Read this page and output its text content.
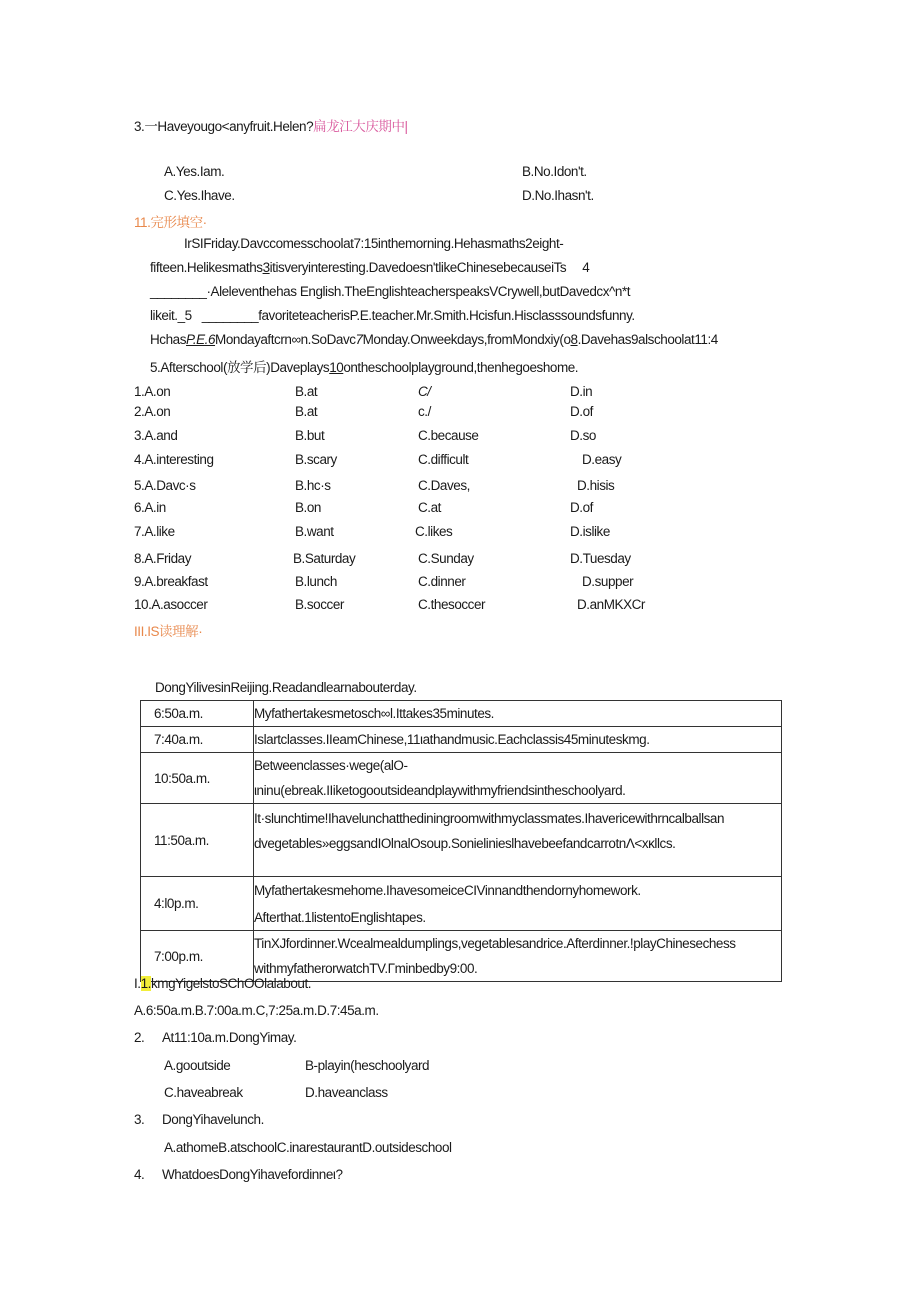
3.一Haveyougo<anyfruit.Helen?扁龙江大庆期中|
A.Yes.Iam.	B.No.Idon't.
C.Yes.Ihave.	D.No.Ihasn't.
11.完形填空·
IrSIFriday.Davccomesschoolat7:15inthemorning.Hehasmaths2eight-
fifteen.Helikesmaths3itisveryinteresting.Davedoesn'tlikeChinesebecauseiTs 4
________·Aleleventhehas English.TheEnglishteacherspeaksVCrywell,butDavedcx^n*t
likeit._5 ________favoriteteacherisP.E.teacher.Mr.Smith.Hcisfun.Hisclasssoundsfunny.
HchasP.E.6Mondayaftcrn∞n.SoDavc7Monday.Onweekdays,fromMondxiy(o8.Davehas9alschoolat11:4
5.Afterschool(放学后)Daveplays10ontheschoolplayground,thenhegoeshome.
1.A.on	B.at	C/	D.in
2.A.on	B.at	c./	D.of
3.A.and	B.but	C.because	D.so
4.A.interesting	B.scary	C.difficult	D.easy
5.A.Davc·s	B.hc·s	C.Daves,	D.hisis
6.A.in	B.on	C.at	D.of
7.A.like	B.want	C.likes	D.islike
8.A.Friday	B.Saturday	C.Sunday	D.Tuesday
9.A.breakfast	B.lunch	C.dinner	D.supper
10.A.asoccer	B.soccer	C.thesoccer	D.anMKXCr
III.IS读理解·
DongYilivesinReijing.Readandlearnabouterday.
6:50a.m.	Myfathertakesmetosch∞l.Ittakes35minutes.

7:40a.m.	Islartclasses.IIeamChinese,11ιathandmusic.Eachclassis45minuteskmg.

10:50a.m.	Betweenclasses·wege(alO-
ιninu(ebreak.IIiketogooutsideandplaywithmyfriendsintheschoolyard.

11:50a.m.	It·slunchtime!Ihavelunchatthediningroomwithmyclassmates.Ihavericewithrncalballsan
dvegetables»eggsandIOlnalOsoup.SonielinieslhavebeefandcarrotnΛ<xκllcs.

4:l0p.m.	Myfathertakesmehome.IhavesomeiceCIVinnandthendornyhomework.
Afterthat.1listentoEnglishtapes.

7:00p.m.	TinXJfordinner.Wcealmealdumplings,vegetablesandrice.Afterdinner.!playChinesechess
withmyfatherorwatchTV.Γminbedby9:00.
I.1.kmgYigelstoSChOOlalabout.
A.6:50a.m.B.7:00a.m.C,7:25a.m.D.7:45a.m.
2. At11:10a.m.DongYimay.
A.gooutside	B-playin(heschoolyard
C.haveabreak	D.haveanclass
3. DongYihavelunch.
A.athomeB.atschoolC.inarestaurantD.outsideschool
4. WhatdoesDongYihavefordinneι?
